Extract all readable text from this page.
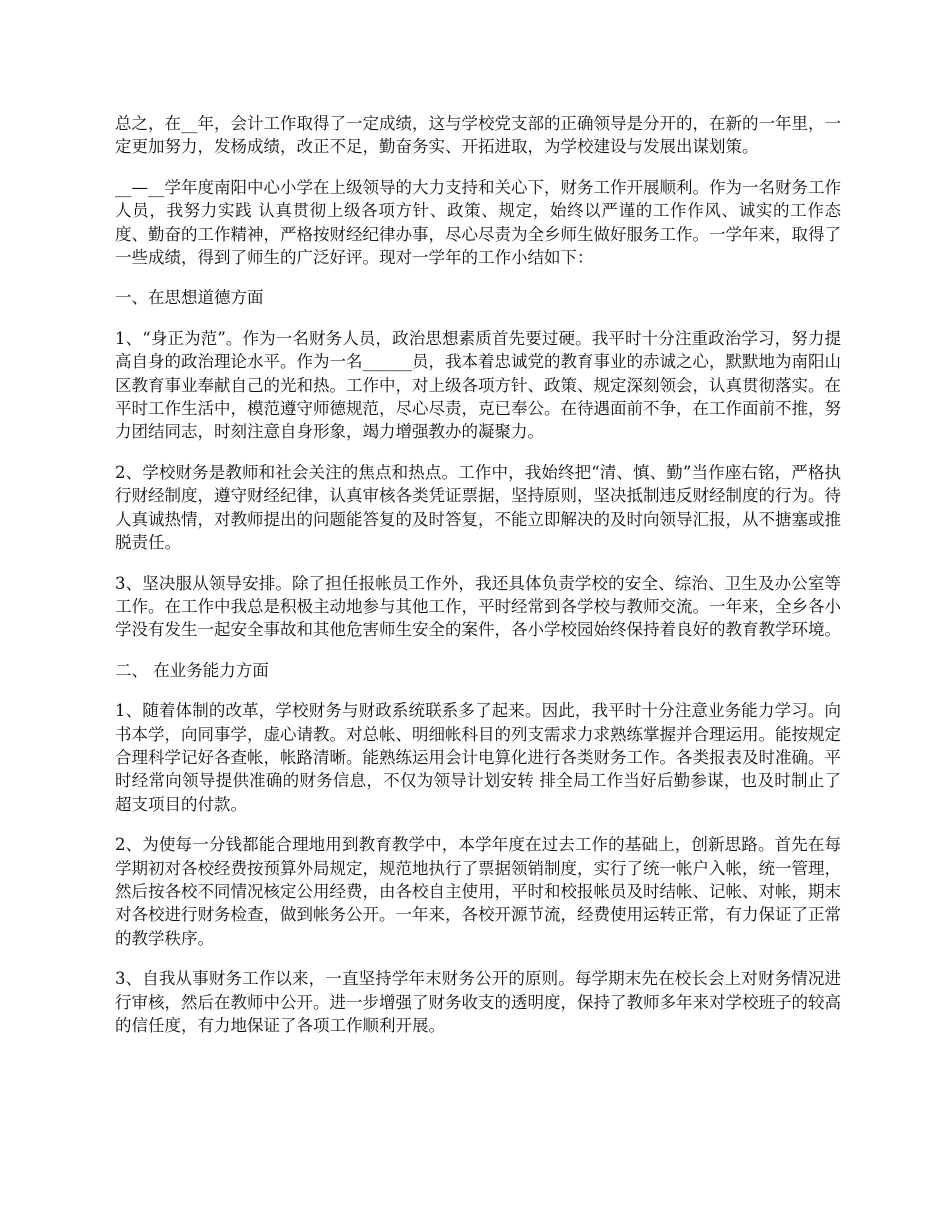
总之，在__年，会计工作取得了一定成绩，这与学校党支部的正确领导是分开的，在新的一年里，一定更加努力，发杨成绩，改正不足，勤奋务实、开拓进取，为学校建设与发展出谋划策。

__—__学年度南阳中心小学在上级领导的大力支持和关心下，财务工作开展顺利。作为一名财务工作人员，我努力实践 认真贯彻上级各项方针、政策、规定，始终以严谨的工作作风、诚实的工作态度、勤奋的工作精神，严格按财经纪律办事，尽心尽责为全乡师生做好服务工作。一学年来，取得了一些成绩，得到了师生的广泛好评。现对一学年的工作小结如下：

一、在思想道德方面

1、“身正为范”。作为一名财务人员，政治思想素质首先要过硬。我平时十分注重政治学习，努力提高自身的政治理论水平。作为一名______员，我本着忠诚党的教育事业的赤诚之心，默默地为南阳山区教育事业奉献自己的光和热。工作中，对上级各项方针、政策、规定深刻领会，认真贯彻落实。在平时工作生活中，模范遵守师德规范，尽心尽责，克已奉公。在待遇面前不争，在工作面前不推，努力团结同志，时刻注意自身形象，竭力增强教办的凝聚力。

2、学校财务是教师和社会关注的焦点和热点。工作中，我始终把“清、慎、勤”当作座右铭，严格执行财经制度，遵守财经纪律，认真审核各类凭证票据，坚持原则，坚决抵制违反财经制度的行为。待人真诚热情，对教师提出的问题能答复的及时答复，不能立即解决的及时向领导汇报，从不搪塞或推脱责任。

3、坚决服从领导安排。除了担任报帐员工作外，我还具体负责学校的安全、综治、卫生及办公室等工作。在工作中我总是积极主动地参与其他工作，平时经常到各学校与教师交流。一年来，全乡各小学没有发生一起安全事故和其他危害师生安全的案件，各小学校园始终保持着良好的教育教学环境。

二、 在业务能力方面

1、随着体制的改革，学校财务与财政系统联系多了起来。因此，我平时十分注意业务能力学习。向书本学，向同事学，虚心请教。对总帐、明细帐科目的列支需求力求熟练掌握并合理运用。能按规定合理科学记好各查帐，帐路清晰。能熟练运用会计电算化进行各类财务工作。各类报表及时准确。平时经常向领导提供准确的财务信息，不仅为领导计划安转 排全局工作当好后勤参谋，也及时制止了超支项目的付款。

2、为使每一分钱都能合理地用到教育教学中，本学年度在过去工作的基础上，创新思路。首先在每学期初对各校经费按预算外局规定，规范地执行了票据领销制度，实行了统一帐户入帐，统一管理，然后按各校不同情况核定公用经费，由各校自主使用，平时和校报帐员及时结帐、记帐、对帐，期末对各校进行财务检查，做到帐务公开。一年来，各校开源节流，经费使用运转正常，有力保证了正常的教学秩序。

3、自我从事财务工作以来，一直坚持学年末财务公开的原则。每学期末先在校长会上对财务情况进行审核，然后在教师中公开。进一步增强了财务收支的透明度，保持了教师多年来对学校班子的较高的信任度，有力地保证了各项工作顺利开展。
